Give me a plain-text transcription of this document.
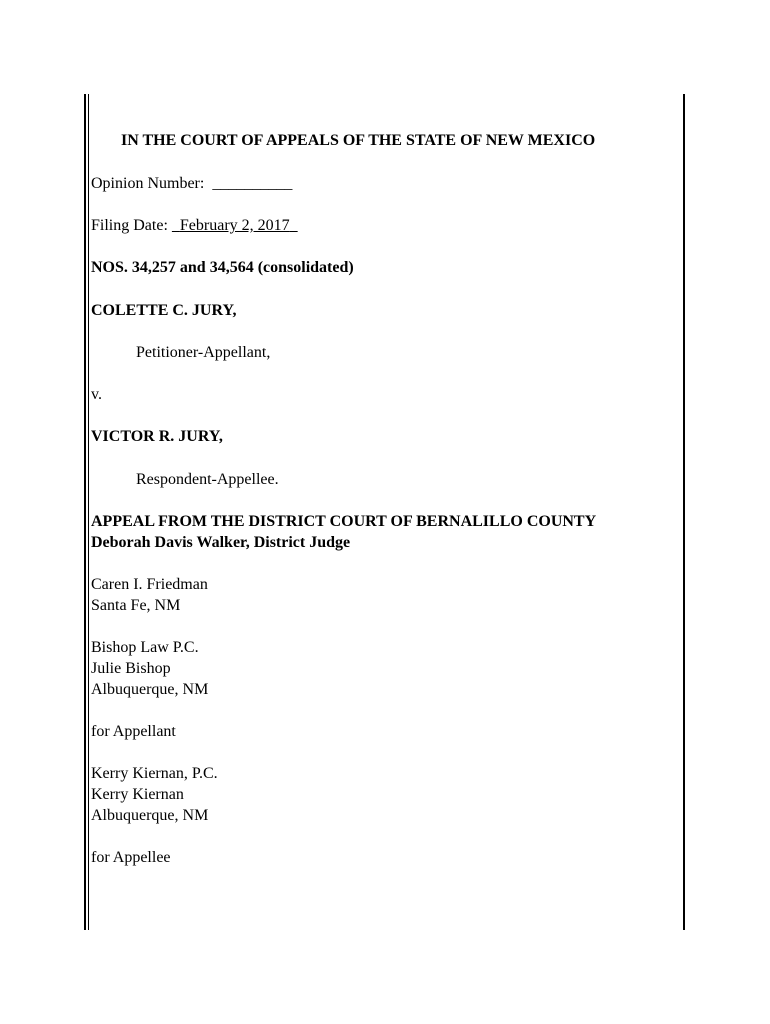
IN THE COURT OF APPEALS OF THE STATE OF NEW MEXICO
Opinion Number: __________
Filing Date: February 2, 2017
NOS. 34,257 and 34,564 (consolidated)
COLETTE C. JURY,
Petitioner-Appellant,
v.
VICTOR R. JURY,
Respondent-Appellee.
APPEAL FROM THE DISTRICT COURT OF BERNALILLO COUNTY
Deborah Davis Walker, District Judge
Caren I. Friedman
Santa Fe, NM
Bishop Law P.C.
Julie Bishop
Albuquerque, NM
for Appellant
Kerry Kiernan, P.C.
Kerry Kiernan
Albuquerque, NM
for Appellee
